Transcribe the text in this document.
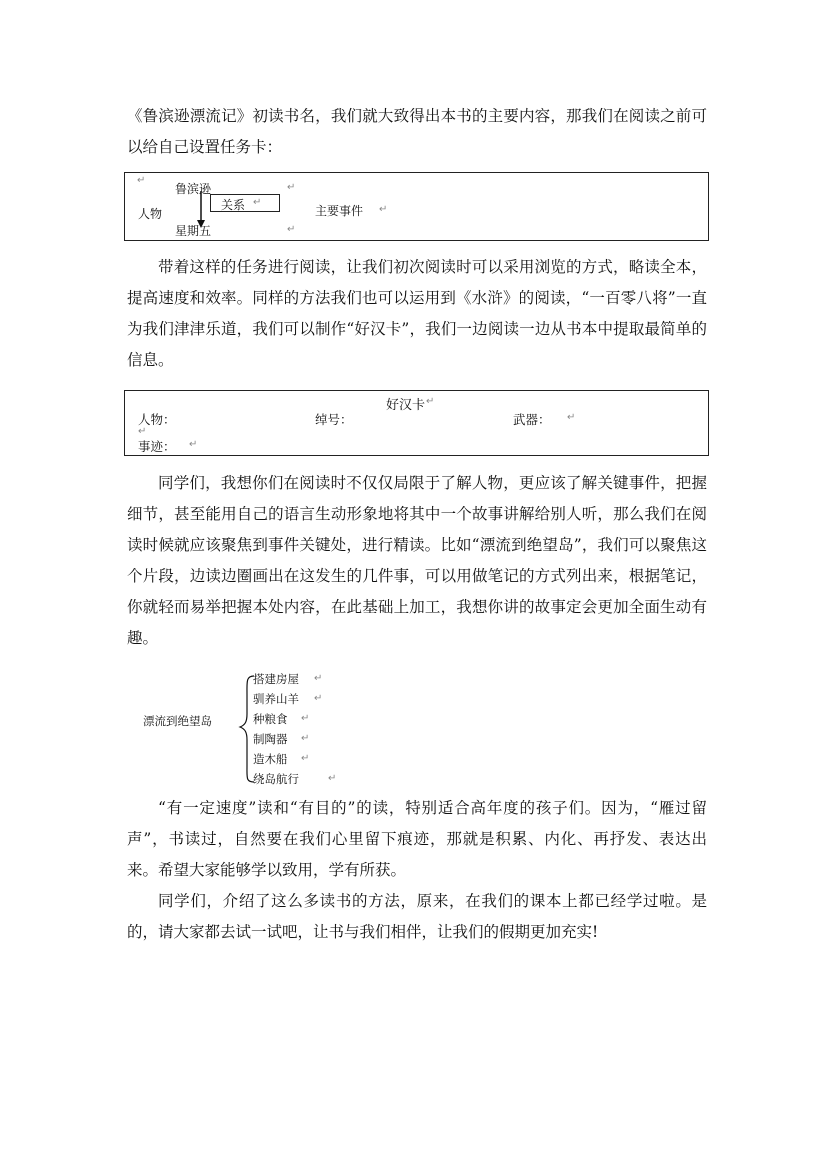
《鲁滨逊漂流记》初读书名，我们就大致得出本书的主要内容，那我们在阅读之前可以给自己设置任务卡：

↵
鲁滨逊	↵
人物
关系 ↵
主要事件 ↵
星期五	↵

带着这样的任务进行阅读，让我们初次阅读时可以采用浏览的方式，略读全本，提高速度和效率。同样的方法我们也可以运用到《水浒》的阅读，“一百零八将”一直为我们津津乐道，我们可以制作“好汉卡”，我们一边阅读一边从书本中提取最简单的信息。

好汉卡 ↵
人物：	绰号：	武器： ↵
↵
事迹： ↵

同学们，我想你们在阅读时不仅仅局限于了解人物，更应该了解关键事件，把握细节，甚至能用自己的语言生动形象地将其中一个故事讲解给别人听，那么我们在阅读时候就应该聚焦到事件关键处，进行精读。比如“漂流到绝望岛”，我们可以聚焦这个片段，边读边圈画出在这发生的几件事，可以用做笔记的方式列出来，根据笔记，你就轻而易举把握本处内容，在此基础上加工，我想你讲的故事定会更加全面生动有趣。

漂流到绝望岛
搭建房屋 ↵
驯养山羊 ↵
种粮食 ↵
制陶器 ↵
造木船 ↵
绕岛航行	↵

“有一定速度”读和“有目的”的读，特别适合高年度的孩子们。因为，“雁过留声”，书读过，自然要在我们心里留下痕迹，那就是积累、内化、再抒发、表达出来。希望大家能够学以致用，学有所获。

同学们，介绍了这么多读书的方法，原来，在我们的课本上都已经学过啦。是的，请大家都去试一试吧，让书与我们相伴，让我们的假期更加充实!
